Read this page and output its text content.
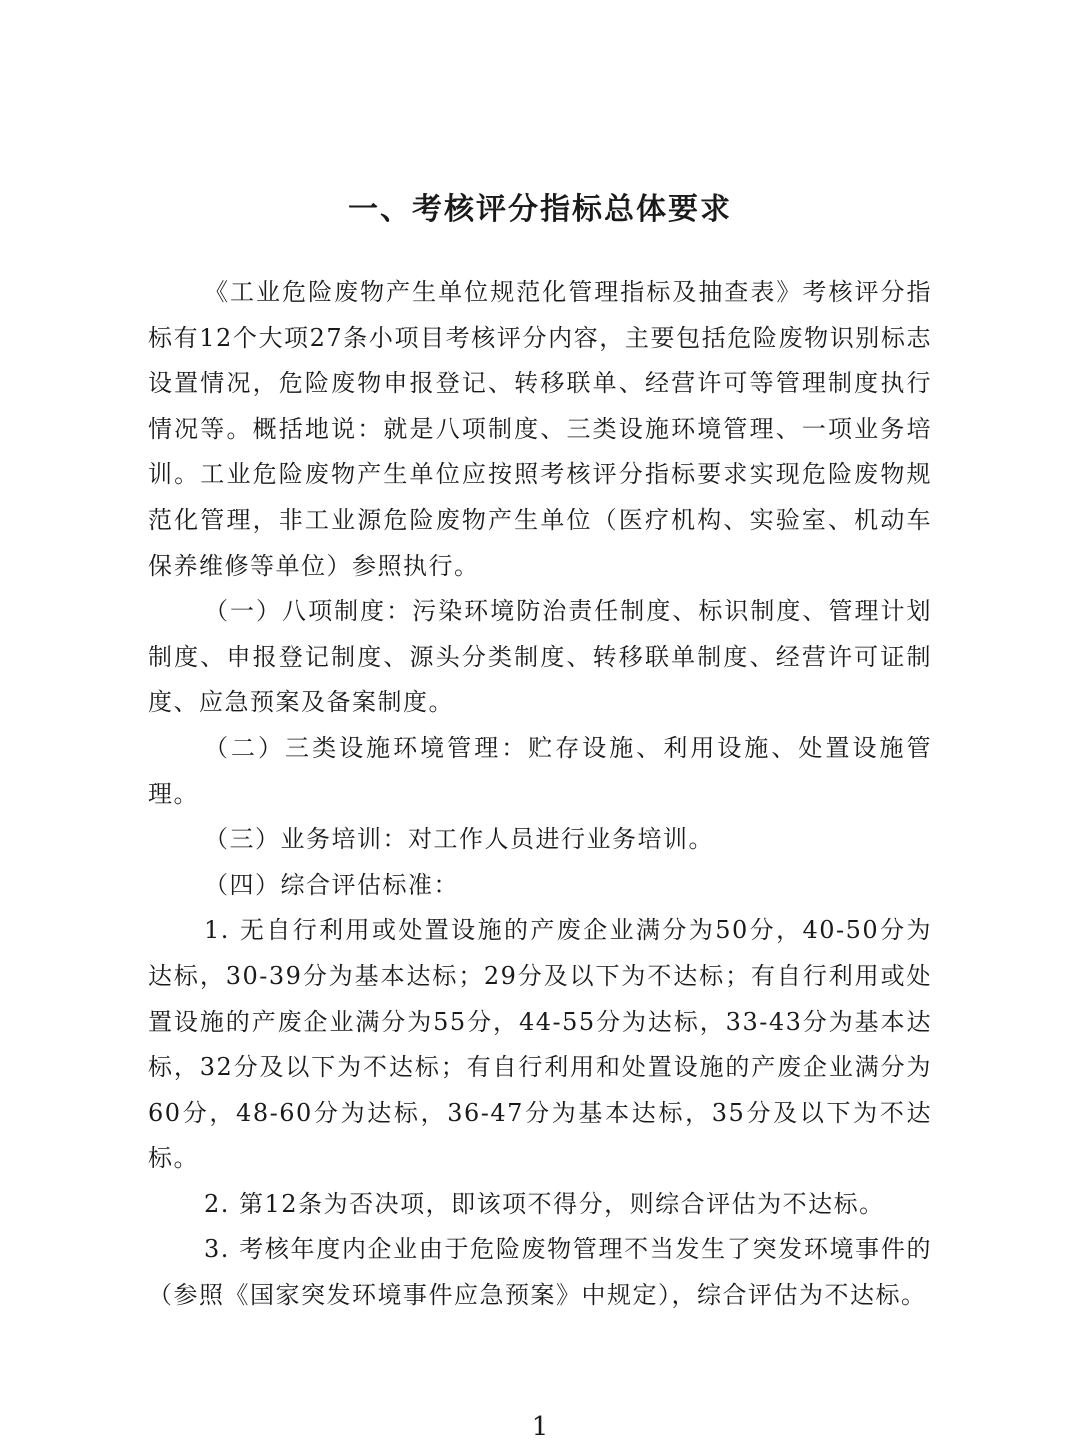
一、考核评分指标总体要求

《工业危险废物产生单位规范化管理指标及抽查表》考核评分指标有12个大项27条小项目考核评分内容，主要包括危险废物识别标志设置情况，危险废物申报登记、转移联单、经营许可等管理制度执行情况等。概括地说：就是八项制度、三类设施环境管理、一项业务培训。工业危险废物产生单位应按照考核评分指标要求实现危险废物规范化管理，非工业源危险废物产生单位（医疗机构、实验室、机动车保养维修等单位）参照执行。

（一）八项制度：污染环境防治责任制度、标识制度、管理计划制度、申报登记制度、源头分类制度、转移联单制度、经营许可证制度、应急预案及备案制度。

（二）三类设施环境管理：贮存设施、利用设施、处置设施管理。

（三）业务培训：对工作人员进行业务培训。

（四）综合评估标准：

1. 无自行利用或处置设施的产废企业满分为50分，40-50分为达标，30-39分为基本达标；29分及以下为不达标；有自行利用或处置设施的产废企业满分为55分，44-55分为达标，33-43分为基本达标，32分及以下为不达标；有自行利用和处置设施的产废企业满分为60分，48-60分为达标，36-47分为基本达标，35分及以下为不达标。

2. 第12条为否决项，即该项不得分，则综合评估为不达标。

3. 考核年度内企业由于危险废物管理不当发生了突发环境事件的（参照《国家突发环境事件应急预案》中规定），综合评估为不达标。

1
